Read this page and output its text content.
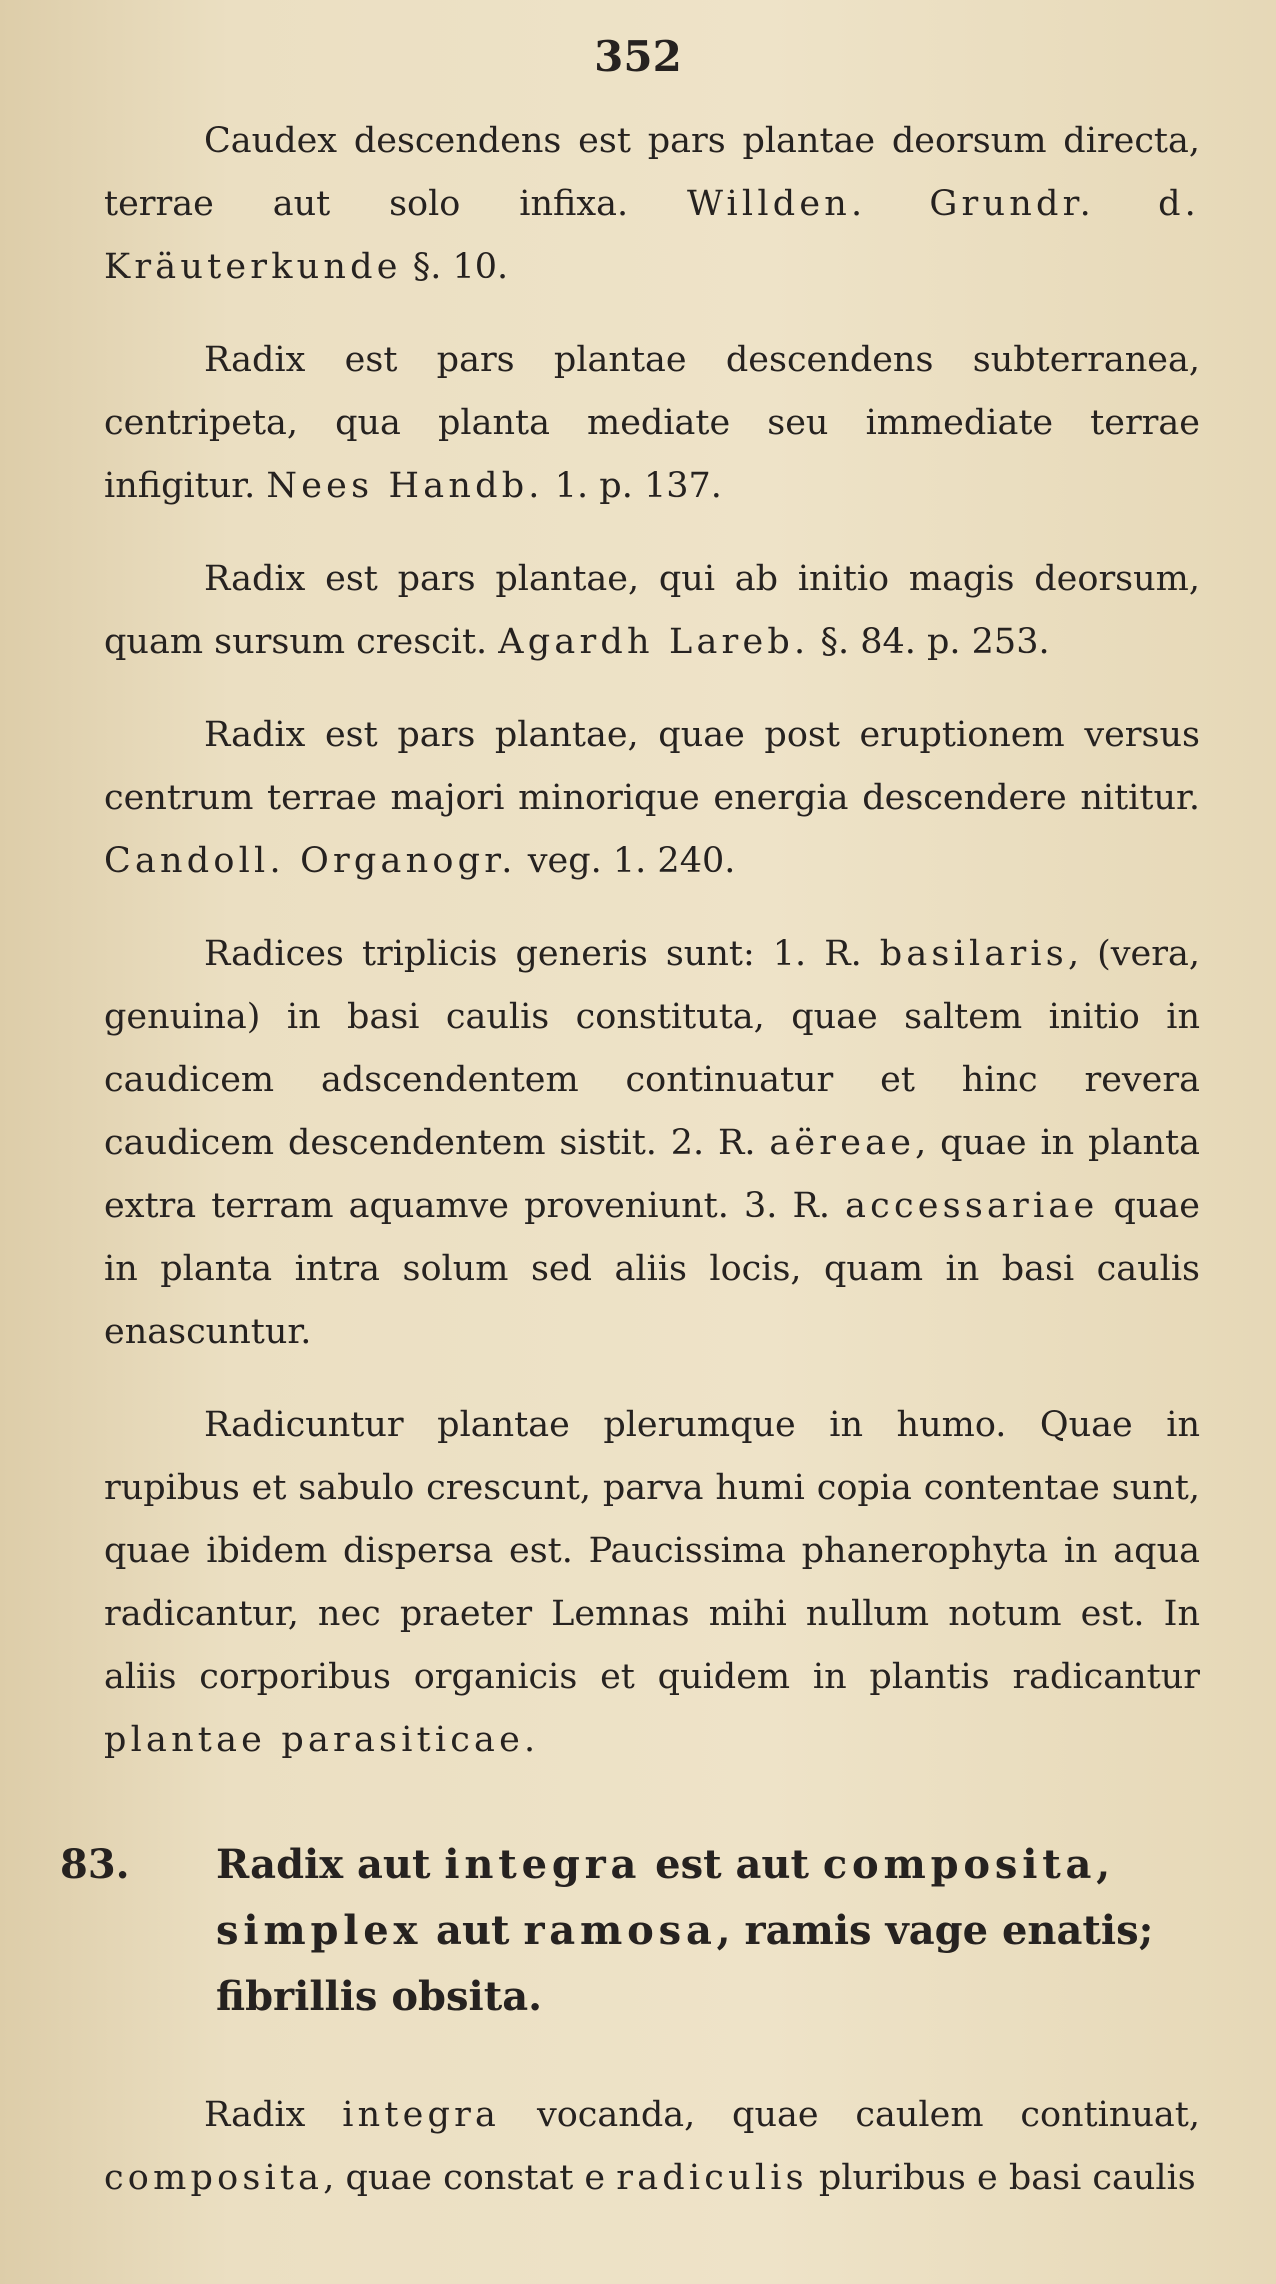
352

Caudex descendens est pars plantae deorsum directa, terrae aut solo infixa. Willden. Grundr. d. Kräuterkunde §. 10.

Radix est pars plantae descendens subterranea, centripeta, qua planta mediate seu immediate terrae infigitur. Nees Handb. 1. p. 137.

Radix est pars plantae, qui ab initio magis deorsum, quam sursum crescit. Agardh Lareb. §. 84. p. 253.

Radix est pars plantae, quae post eruptionem versus centrum terrae majori minorique energia descendere nititur. Candoll. Organogr. veg. 1. 240.

Radices triplicis generis sunt: 1. R. basilaris, (vera, genuina) in basi caulis constituta, quae saltem initio in caudicem adscendentem continuatur et hinc revera caudicem descendentem sistit. 2. R. aëreae, quae in planta extra terram aquamve proveniunt. 3. R. accessariae quae in planta intra solum sed aliis locis, quam in basi caulis enascuntur.

Radicuntur plantae plerumque in humo. Quae in rupibus et sabulo crescunt, parva humi copia contentae sunt, quae ibidem dispersa est. Paucissima phanerophyta in aqua radicantur, nec praeter Lemnas mihi nullum notum est. In aliis corporibus organicis et quidem in plantis radicantur plantae parasiticae.

83. Radix aut integra est aut composita, simplex aut ramosa, ramis vage enatis; fibrillis obsita.

Radix integra vocanda, quae caulem continuat, composita, quae constat e radiculis pluribus e basi caulis
